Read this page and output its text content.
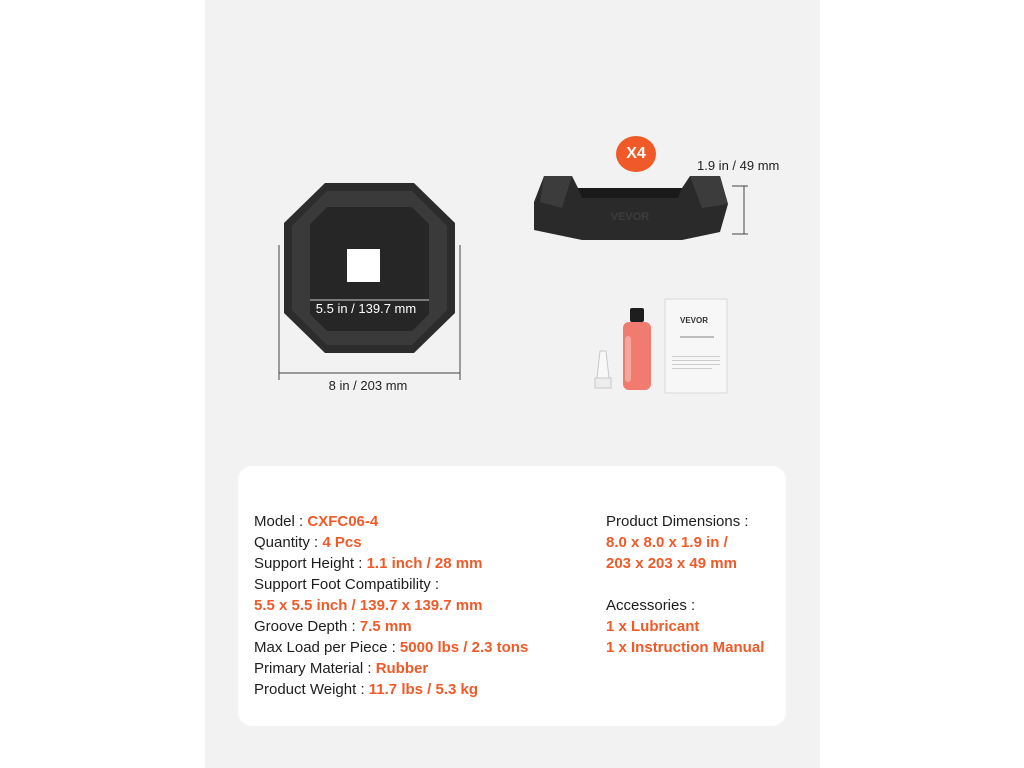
5.5 in / 139.7 mm
8 in / 203 mm
X4
1.9 in / 49 mm
VEVOR
VEVOR
Model : CXFC06-4
Quantity : 4 Pcs
Support Height : 1.1 inch / 28 mm
Support Foot Compatibility :
5.5 x 5.5 inch / 139.7 x 139.7 mm
Groove Depth : 7.5 mm
Max Load per Piece : 5000 lbs / 2.3 tons
Primary Material : Rubber
Product Weight : 11.7 lbs / 5.3 kg
Product Dimensions :
8.0 x 8.0 x 1.9 in /
203 x 203 x 49 mm
Accessories :
1 x Lubricant
1 x Instruction Manual
